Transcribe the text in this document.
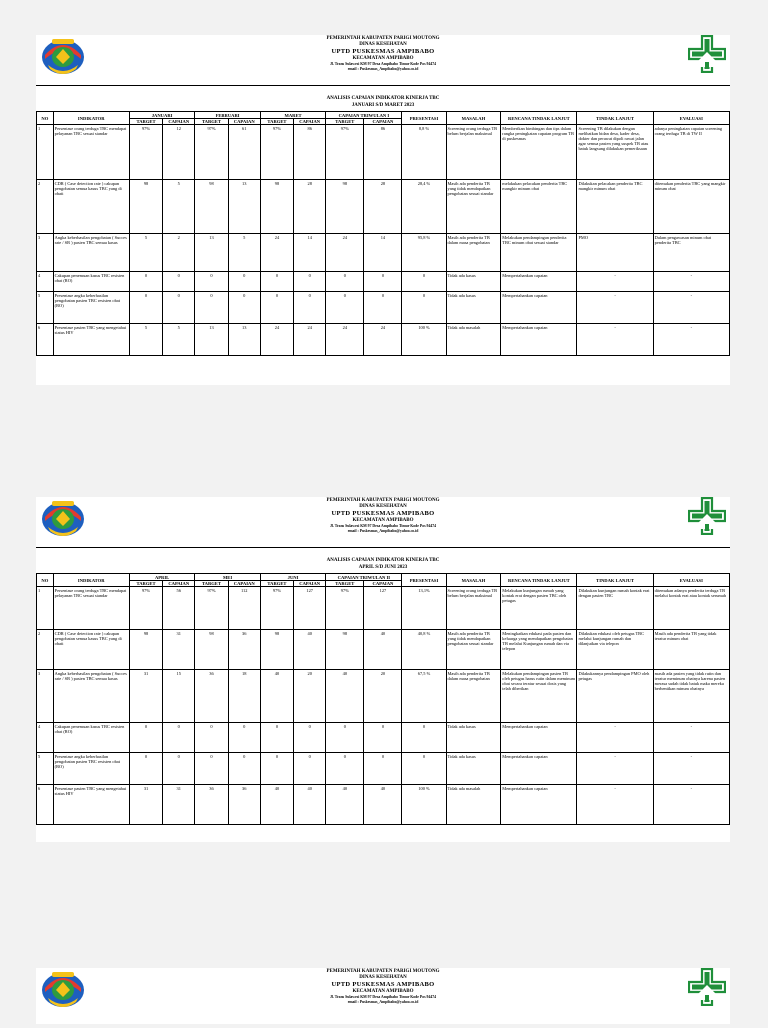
PEMERINTAH KABUPATEN PARIGI MOUTONG
DINAS KESEHATAN
UPTD PUSKESMAS AMPIBABO
KECAMATAN AMPIBABO
Jl. Trans Sulawesi KM 97 Desa Ampibabo Timur Kode Pos 94474
email : Puskesmas_Ampibabo@yahoo.co.id
ANALISIS CAPAIAN INDIKATOR KINERJA TBC
JANUARI S/D MARET 2023
NO	INDIKATOR	JANUARI		FEBRUARI		MARET		CAPAIAN TRIWULAN I		PRESENTASI	MASALAH	RENCANA TINDAK LANJUT	TINDAK LANJUT	EVALUASI
		TARGET	CAPAIAN	TARGET	CAPAIAN	TARGET	CAPAIAN	TARGET	CAPAIAN					
1	Persentase orang terduga TBC mendapat pelayanan TBC sesuai standar	97%	12	97%	61	97%	86	97%	86	8,8 %	Screening orang terduga TB belum berjalan maksimal	Memberikan bimbingan dan tips dalam rangka peningkatan capaian program TB di puskesmas	Screening TB dilakukan dengan melibatkan bidan desa, kader desa, dokter dan perawat dipoli rawat jalan agar semua pasien yang suspek TB atau batuk langsung dilakukan pemeriksaan	adanya peningkatan capaian screening orang terduga TB di TW II
2	CDR ( Case detection rate ) cakupan pengobatan semua kasus TBC yang di obati	98	5	98	13	98	28	98	28	28,4 %	Masih ada penderita TB yang tidak mendapatkan pengobatan sesuai standar	melakukan pelacakan penderita TBC mangkir minum obat	Dilakukan pelacakan penderita TBC mangkir minum obat	ditemukan penderita TBC yang mangkir minum obat
3	Angka keberhasilan pengobatan ( Succes rate / SR ) pasien TBC semua kasus	5	2	13	5	24	14	24	14	95,8 %	Masih ada penderita TB dalam masa pengobatan	Melakukan pendampingan penderita TBC minum obat sesuai standar	PMO	Dalam pengawasan minum obat penderita TBC
4	Cakupan penemuan kasus TBC resisten obat (RO)	0	0	0	0	0	0	0	0	0	Tidak ada kasus	Mempertahankan capaian	-	-
5	Presentase angka keberhasilan pengobatan pasien TBC resisten obat (RO)	0	0	0	0	0	0	0	0	0	Tidak ada kasus	Mempertahankan capaian	-	-
6	Presentase pasien TBC yang mengetahui status HIV	5	5	13	13	24	24	24	24	100 %	Tidak ada masalah	Mempertahankan capaian	-	-
PEMERINTAH KABUPATEN PARIGI MOUTONG
DINAS KESEHATAN
UPTD PUSKESMAS AMPIBABO
KECAMATAN AMPIBABO
Jl. Trans Sulawesi KM 97 Desa Ampibabo Timur Kode Pos 94474
email : Puskesmas_Ampibabo@yahoo.co.id
ANALISIS CAPAIAN INDIKATOR KINERJA TBC
APRIL S/D JUNI 2023
NO	INDIKATOR	APRIL		MEI		JUNI		CAPAIAN TRIWULAN II		PRESENTASI	MASALAH	RENCANA TINDAK LANJUT	TINDAK LANJUT	EVALUASI
		TARGET	CAPAIAN	TARGET	CAPAIAN	TARGET	CAPAIAN	TARGET	CAPAIAN					
1	Persentase orang terduga TBC mendapat pelayanan TBC sesuai standar	97%	56	97%	112	97%	127	97%	127	13,1%	Screening orang terduga TB belum berjalan maksimal	Melakukan kunjungan rumah yang kontak erat dengan pasien TBC oleh petugas	Dilakukan kunjungan rumah kontak erat dengan pasien TBC	ditemukan adanya penderita terduga TB melalui kontak erat atau kontak serumah
2	CDR ( Case detection rate ) cakupan pengobatan semua kasus TBC yang di obati	98	31	98	36	98	40	98	40	40,8 %	Masih ada penderita TB yang tidak mendapatkan pengobatan sesuai standar	Meningkatkan edukasi pada pasien dan keluarga yang mendapatkan pengobatan TB melalui Kunjungan rumah dan via telepon	Dilakukan edukasi oleh petugas TBC melalui kunjungan rumah dan dilanjutkan via telepon	Masih ada penderita TB yang tidak teratur minum obat
3	Angka keberhasilan pengobatan ( Succes rate / SR ) pasien TBC semua kasus	31	15	36	18	40	20	40	20	67,5 %	Masih ada penderita TB dalam masa pengobatan	Melakukan pendampingan pasien TB oleh petugas harus rutin dalam meminum obat secara teratur sesuai dosis yang telah diberikan	Dilakukannya pendampingan PMO oleh petugas	masih ada pasien yang tidak rutin dan teratur meminum obatnya karena pasien merasa sudah tidak batuk maka mereka berhentikan minum obatnya
4	Cakupan penemuan kasus TBC resisten obat (RO)	0	0	0	0	0	0	0	0	0	Tidak ada kasus	Mempertahankan capaian	-	-
5	Presentase angka keberhasilan pengobatan pasien TBC resisten obat (RO)	0	0	0	0	0	0	0	0	0	Tidak ada kasus	Mempertahankan capaian	-	-
6	Presentase pasien TBC yang mengetahui status HIV	31	31	36	36	40	40	40	40	100 %	Tidak ada masalah	Mempertahankan capaian	-	-
PEMERINTAH KABUPATEN PARIGI MOUTONG
DINAS KESEHATAN
UPTD PUSKESMAS AMPIBABO
KECAMATAN AMPIBABO
Jl. Trans Sulawesi KM 97 Desa Ampibabo Timur Kode Pos 94474
email : Puskesmas_Ampibabo@yahoo.co.id
